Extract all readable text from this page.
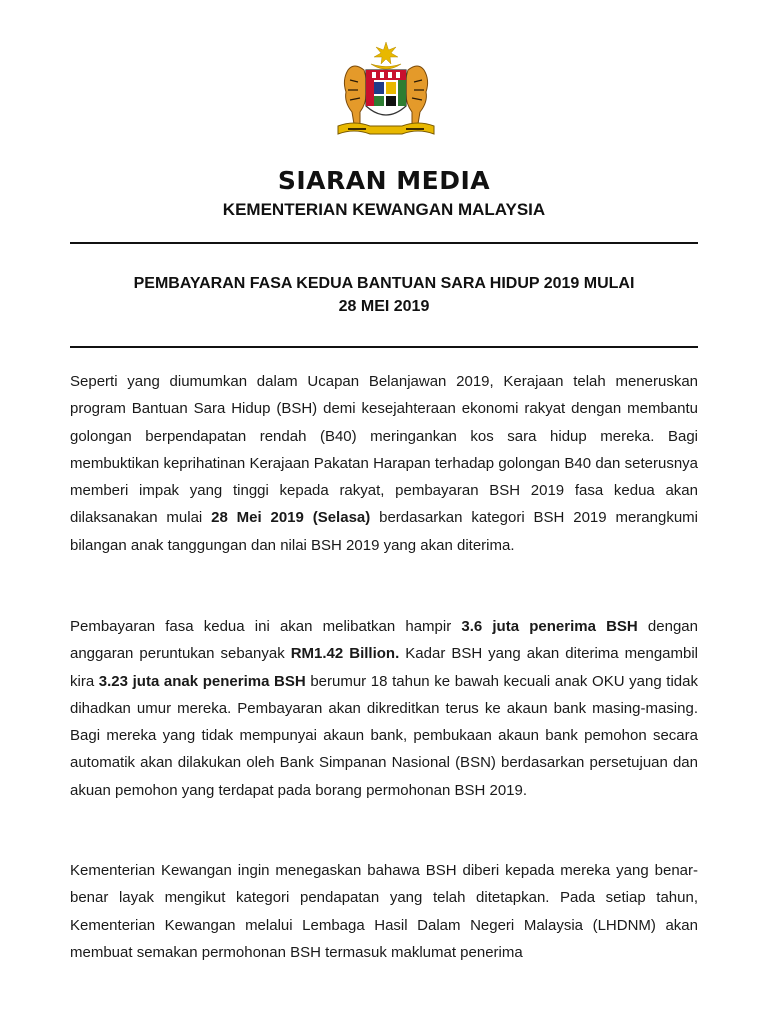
SIARAN MEDIA
KEMENTERIAN KEWANGAN MALAYSIA
PEMBAYARAN FASA KEDUA BANTUAN SARA HIDUP 2019 MULAI
28 MEI 2019

Seperti yang diumumkan dalam Ucapan Belanjawan 2019, Kerajaan telah meneruskan program Bantuan Sara Hidup (BSH) demi kesejahteraan ekonomi rakyat dengan membantu golongan berpendapatan rendah (B40) meringankan kos sara hidup mereka. Bagi membuktikan keprihatinan Kerajaan Pakatan Harapan terhadap golongan B40 dan seterusnya memberi impak yang tinggi kepada rakyat, pembayaran BSH 2019 fasa kedua akan dilaksanakan mulai 28 Mei 2019 (Selasa) berdasarkan kategori BSH 2019 merangkumi bilangan anak tanggungan dan nilai BSH 2019 yang akan diterima.

Pembayaran fasa kedua ini akan melibatkan hampir 3.6 juta penerima BSH dengan anggaran peruntukan sebanyak RM1.42 Billion. Kadar BSH yang akan diterima mengambil kira 3.23 juta anak penerima BSH berumur 18 tahun ke bawah kecuali anak OKU yang tidak dihadkan umur mereka. Pembayaran akan dikreditkan terus ke akaun bank masing-masing. Bagi mereka yang tidak mempunyai akaun bank, pembukaan akaun bank pemohon secara automatik akan dilakukan oleh Bank Simpanan Nasional (BSN) berdasarkan persetujuan dan akuan pemohon yang terdapat pada borang permohonan BSH 2019.

Kementerian Kewangan ingin menegaskan bahawa BSH diberi kepada mereka yang benar-benar layak mengikut kategori pendapatan yang telah ditetapkan. Pada setiap tahun, Kementerian Kewangan melalui Lembaga Hasil Dalam Negeri Malaysia (LHDNM) akan membuat semakan permohonan BSH termasuk maklumat penerima
